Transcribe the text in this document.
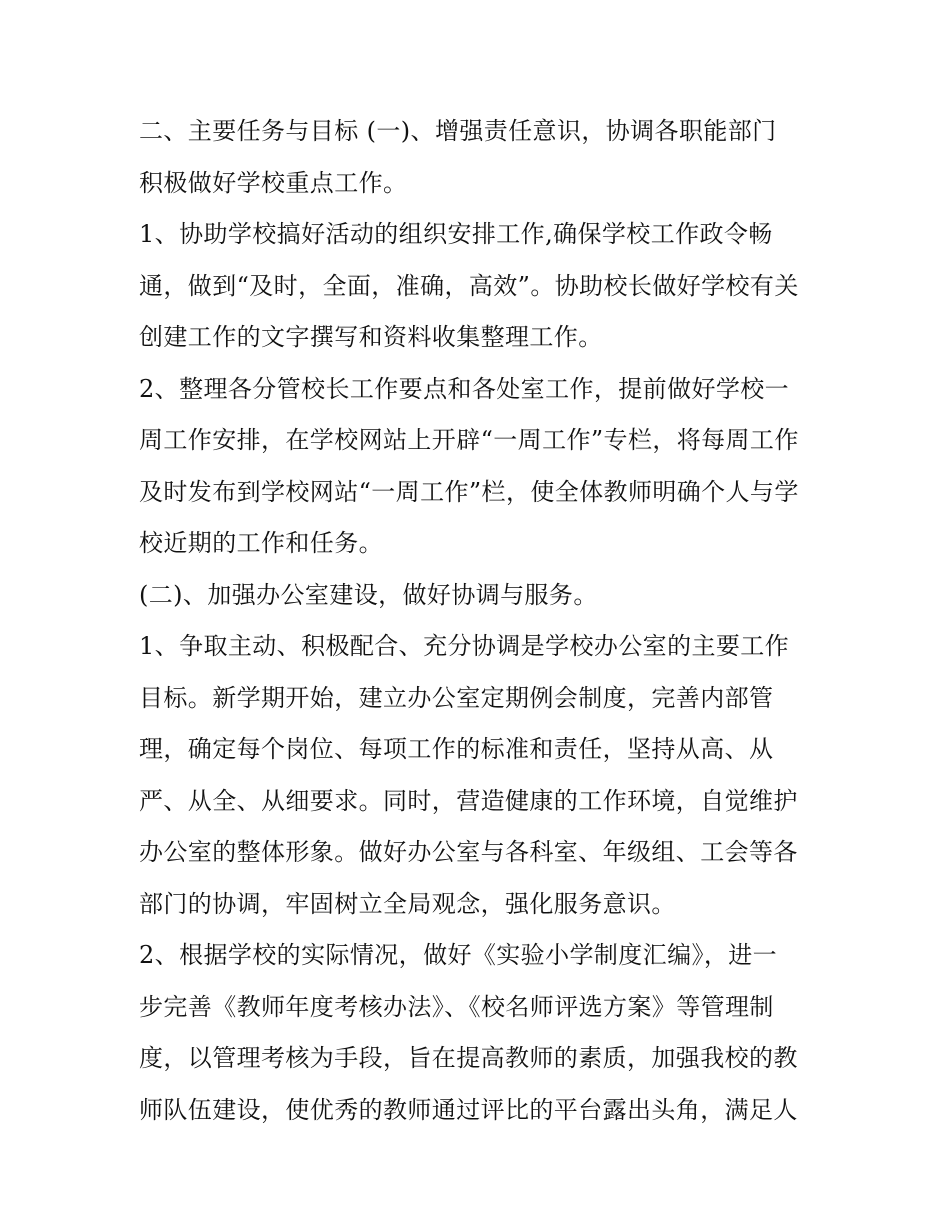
二、主要任务与目标 (一)、增强责任意识，协调各职能部门
积极做好学校重点工作。
1、协助学校搞好活动的组织安排工作,确保学校工作政令畅
通，做到“及时，全面，准确，高效”。协助校长做好学校有关
创建工作的文字撰写和资料收集整理工作。
2、整理各分管校长工作要点和各处室工作，提前做好学校一
周工作安排，在学校网站上开辟“一周工作”专栏，将每周工作
及时发布到学校网站“一周工作”栏，使全体教师明确个人与学
校近期的工作和任务。
(二)、加强办公室建设，做好协调与服务。
1、争取主动、积极配合、充分协调是学校办公室的主要工作
目标。新学期开始，建立办公室定期例会制度，完善内部管
理，确定每个岗位、每项工作的标准和责任，坚持从高、从
严、从全、从细要求。同时，营造健康的工作环境，自觉维护
办公室的整体形象。做好办公室与各科室、年级组、工会等各
部门的协调，牢固树立全局观念，强化服务意识。
2、根据学校的实际情况，做好《实验小学制度汇编》，进一
步完善《教师年度考核办法》、《校名师评选方案》等管理制
度，以管理考核为手段，旨在提高教师的素质，加强我校的教
师队伍建设，使优秀的教师通过评比的平台露出头角，满足人
